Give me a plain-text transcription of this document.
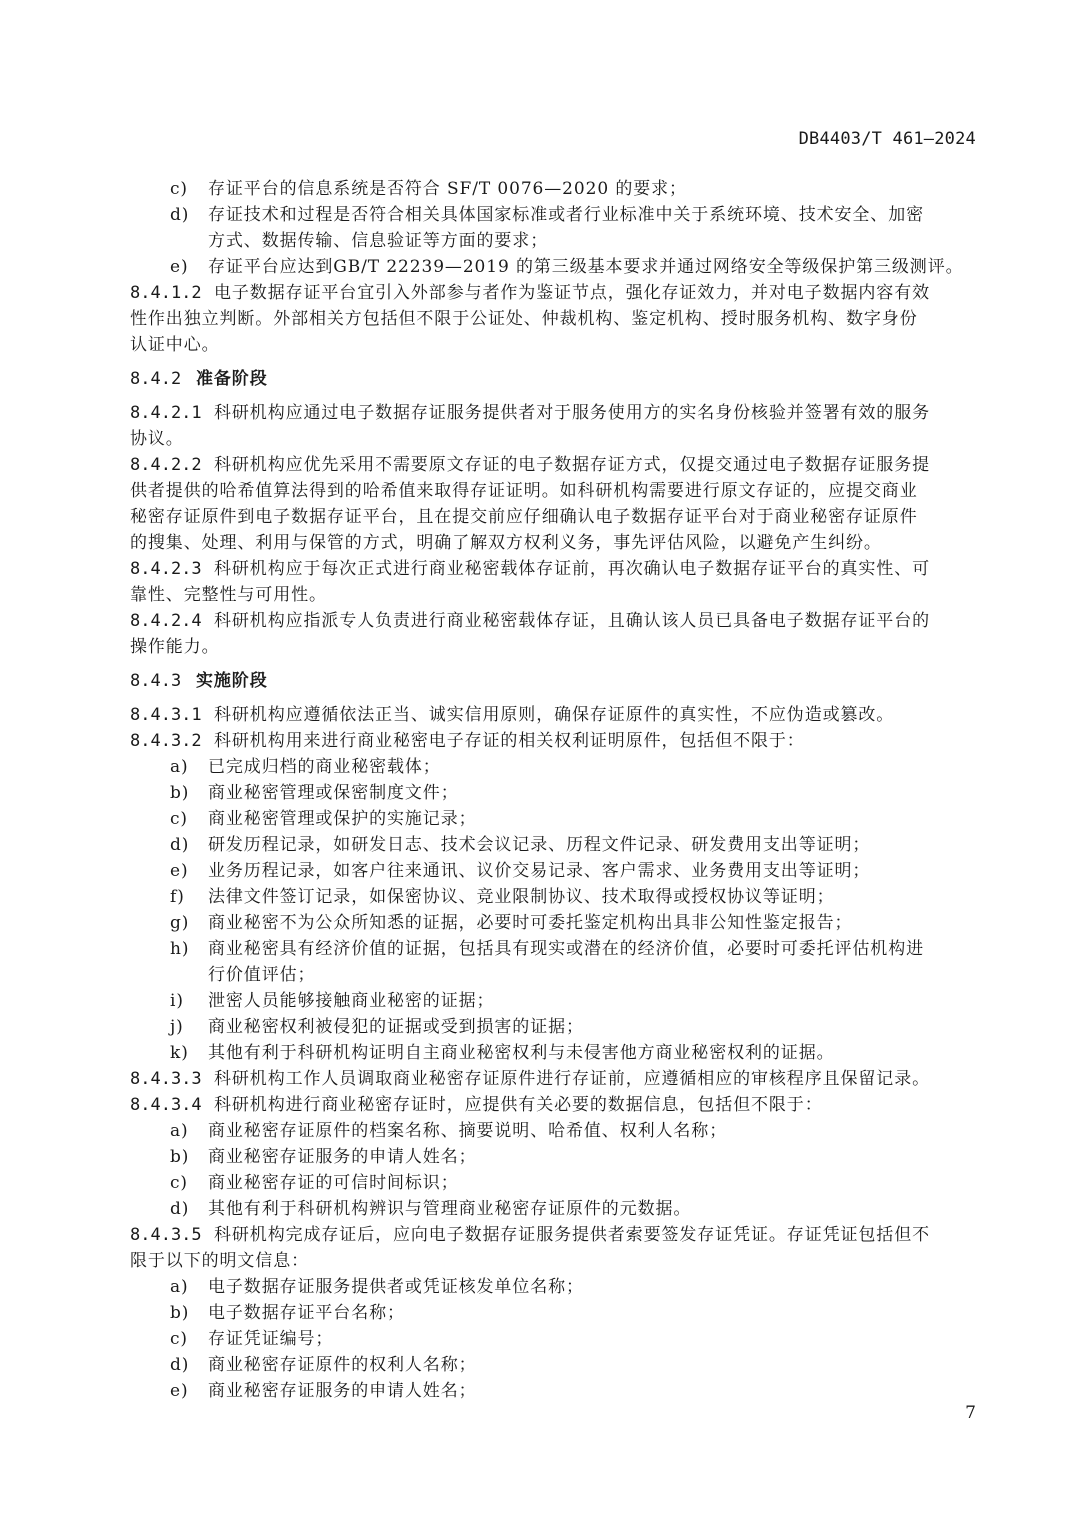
DB4403/T 461—2024
c) 存证平台的信息系统是否符合 SF/T 0076—2020 的要求；
d) 存证技术和过程是否符合相关具体国家标准或者行业标准中关于系统环境、技术安全、加密
方式、数据传输、信息验证等方面的要求；
e) 存证平台应达到GB/T 22239—2019 的第三级基本要求并通过网络安全等级保护第三级测评。
8.4.1.2 电子数据存证平台宜引入外部参与者作为鉴证节点，强化存证效力，并对电子数据内容有效
性作出独立判断。外部相关方包括但不限于公证处、仲裁机构、鉴定机构、授时服务机构、数字身份
认证中心。
8.4.2 准备阶段
8.4.2.1 科研机构应通过电子数据存证服务提供者对于服务使用方的实名身份核验并签署有效的服务
协议。
8.4.2.2 科研机构应优先采用不需要原文存证的电子数据存证方式，仅提交通过电子数据存证服务提
供者提供的哈希值算法得到的哈希值来取得存证证明。如科研机构需要进行原文存证的，应提交商业
秘密存证原件到电子数据存证平台，且在提交前应仔细确认电子数据存证平台对于商业秘密存证原件
的搜集、处理、利用与保管的方式，明确了解双方权利义务，事先评估风险，以避免产生纠纷。
8.4.2.3 科研机构应于每次正式进行商业秘密载体存证前，再次确认电子数据存证平台的真实性、可
靠性、完整性与可用性。
8.4.2.4 科研机构应指派专人负责进行商业秘密载体存证，且确认该人员已具备电子数据存证平台的
操作能力。
8.4.3 实施阶段
8.4.3.1 科研机构应遵循依法正当、诚实信用原则，确保存证原件的真实性，不应伪造或篡改。
8.4.3.2 科研机构用来进行商业秘密电子存证的相关权利证明原件，包括但不限于：
a) 已完成归档的商业秘密载体；
b) 商业秘密管理或保密制度文件；
c) 商业秘密管理或保护的实施记录；
d) 研发历程记录，如研发日志、技术会议记录、历程文件记录、研发费用支出等证明；
e) 业务历程记录，如客户往来通讯、议价交易记录、客户需求、业务费用支出等证明；
f) 法律文件签订记录，如保密协议、竞业限制协议、技术取得或授权协议等证明；
g) 商业秘密不为公众所知悉的证据，必要时可委托鉴定机构出具非公知性鉴定报告；
h) 商业秘密具有经济价值的证据，包括具有现实或潜在的经济价值，必要时可委托评估机构进
行价值评估；
i) 泄密人员能够接触商业秘密的证据；
j) 商业秘密权利被侵犯的证据或受到损害的证据；
k) 其他有利于科研机构证明自主商业秘密权利与未侵害他方商业秘密权利的证据。
8.4.3.3 科研机构工作人员调取商业秘密存证原件进行存证前，应遵循相应的审核程序且保留记录。
8.4.3.4 科研机构进行商业秘密存证时，应提供有关必要的数据信息，包括但不限于：
a) 商业秘密存证原件的档案名称、摘要说明、哈希值、权利人名称；
b) 商业秘密存证服务的申请人姓名；
c) 商业秘密存证的可信时间标识；
d) 其他有利于科研机构辨识与管理商业秘密存证原件的元数据。
8.4.3.5 科研机构完成存证后，应向电子数据存证服务提供者索要签发存证凭证。存证凭证包括但不
限于以下的明文信息：
a) 电子数据存证服务提供者或凭证核发单位名称；
b) 电子数据存证平台名称；
c) 存证凭证编号；
d) 商业秘密存证原件的权利人名称；
e) 商业秘密存证服务的申请人姓名；
7
